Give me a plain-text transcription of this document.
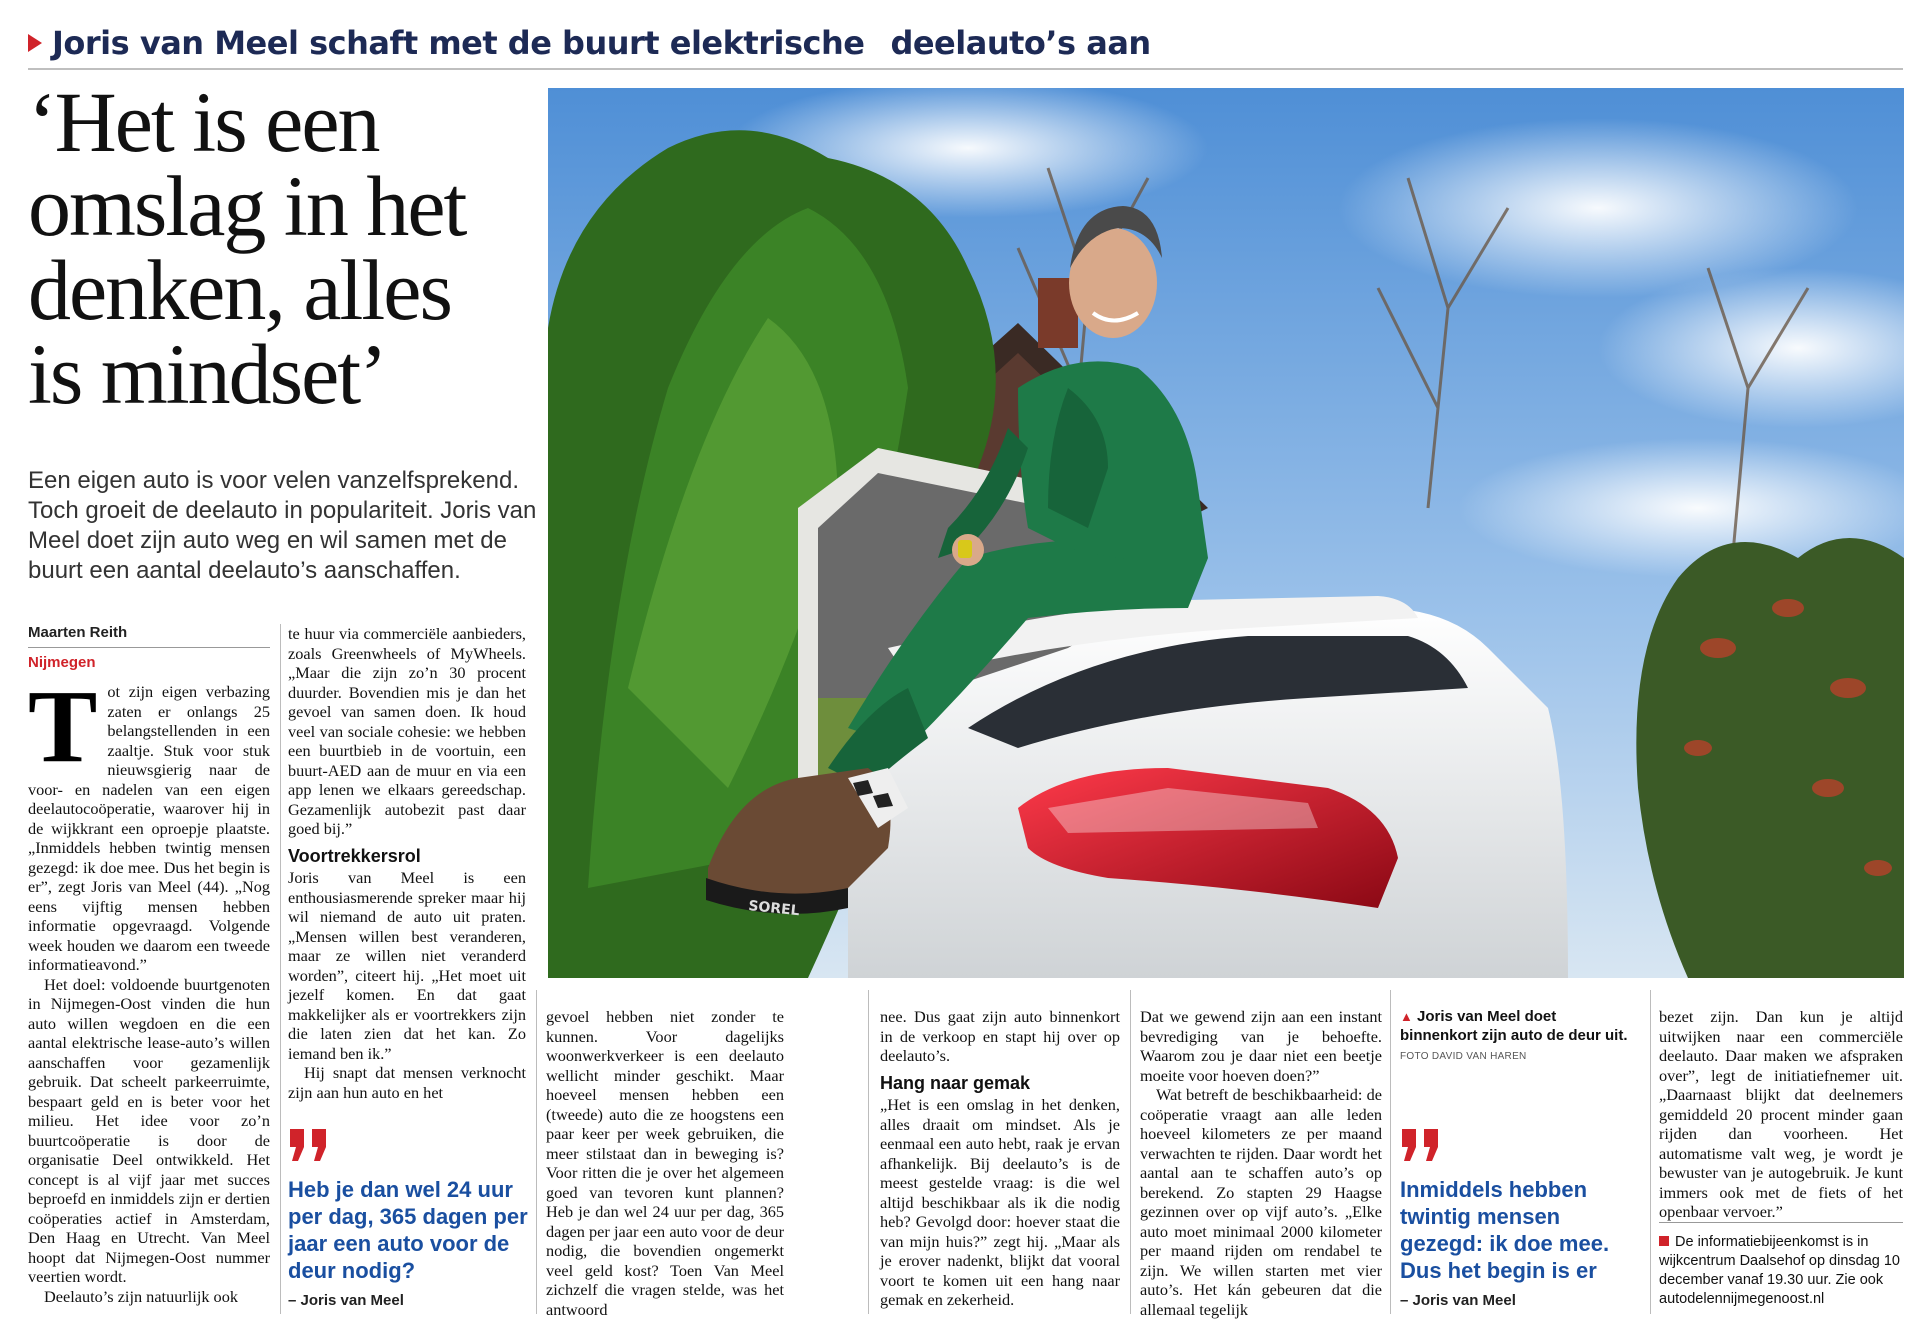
Joris van Meel schaft met de buurt elektrische deelauto’s aan
‘Het is een
omslag in het
denken, alles
is mindset’
Een eigen auto is voor velen vanzelfsprekend. Toch groeit de deelauto in populariteit. Joris van Meel doet zijn auto weg en wil samen met de buurt een aantal deelauto’s aanschaffen.
Maarten Reith
Nijmegen
T ot zijn eigen verbazing zaten er onlangs 25 belangstellenden in een zaaltje. Stuk voor stuk nieuwsgierig naar de voor- en nadelen van een eigen deelautocoöperatie, waarover hij in de wijkkrant een oproepje plaatste. „Inmiddels hebben twintig mensen gezegd: ik doe mee. Dus het begin is er”, zegt Joris van Meel (44). „Nog eens vijftig mensen hebben informatie opgevraagd. Volgende week houden we daarom een tweede informatieavond.”

Het doel: voldoende buurtgenoten in Nijmegen-Oost vinden die hun auto willen wegdoen en die een aantal elektrische lease-auto’s willen aanschaffen voor gezamenlijk gebruik. Dat scheelt parkeerruimte, bespaart geld en is beter voor het milieu. Het idee voor zo’n buurtcoöperatie is door de organisatie Deel ontwikkeld. Het concept is al vijf jaar met succes beproefd en inmiddels zijn er dertien coöperaties actief in Amsterdam, Den Haag en Utrecht. Van Meel hoopt dat Nijmegen-Oost nummer veertien wordt.

Deelauto’s zijn natuurlijk ook

te huur via commerciële aanbieders, zoals Greenwheels of MyWheels. „Maar die zijn zo’n 30 procent duurder. Bovendien mis je dan het gevoel van samen doen. Ik houd veel van sociale cohesie: we hebben een buurtbieb in de voortuin, een buurt-AED aan de muur en via een app lenen we elkaars gereedschap. Gezamenlijk autobezit past daar goed bij.”

Voortrekkersrol

Joris van Meel is een enthousiasmerende spreker maar hij wil niemand de auto uit praten. „Mensen willen best veranderen, maar ze willen niet veranderd worden”, citeert hij. „Het moet uit jezelf komen. En dat gaat makkelijker als er voortrekkers zijn die laten zien dat het kan. Zo iemand ben ik.”

Hij snapt dat mensen verknocht zijn aan hun auto en het

Heb je dan wel 24 uur per dag, 365 dagen per jaar een auto voor de deur nodig?
– Joris van Meel
SOREL

gevoel hebben niet zonder te kunnen. Voor dagelijks woonwerkverkeer is een deelauto wellicht minder geschikt. Maar hoeveel mensen hebben een (tweede) auto die ze hoogstens een paar keer per week gebruiken, die meer stilstaat dan in beweging is? Voor ritten die je over het algemeen goed van tevoren kunt plannen? Heb je dan wel 24 uur per dag, 365 dagen per jaar een auto voor de deur nodig, die bovendien ongemerkt veel geld kost? Toen Van Meel zichzelf die vragen stelde, was het antwoord

nee. Dus gaat zijn auto binnenkort in de verkoop en stapt hij over op deelauto’s.

Hang naar gemak

„Het is een omslag in het denken, alles draait om mindset. Als je eenmaal een auto hebt, raak je ervan afhankelijk. Bij deelauto’s is de meest gestelde vraag: is die wel altijd beschikbaar als ik die nodig heb? Gevolgd door: hoever staat die van mijn huis?” zegt hij. „Maar als je erover nadenkt, blijkt dat vooral voort te komen uit een hang naar gemak en zekerheid.

Dat we gewend zijn aan een instant bevrediging van je behoefte. Waarom zou je daar niet een beetje moeite voor hoeven doen?”

Wat betreft de beschikbaarheid: de coöperatie vraagt aan alle leden hoeveel kilometers ze per maand verwachten te rijden. Daar wordt het aantal aan te schaffen auto’s op berekend. Zo stapten 29 Haagse gezinnen over op vijf auto’s. „Elke auto moet minimaal 2000 kilometer per maand rijden om rendabel te zijn. We willen starten met vier auto’s. Het kán gebeuren dat die allemaal tegelijk

▲ Joris van Meel doet binnenkort zijn auto de deur uit.
FOTO DAVID VAN HAREN
Inmiddels hebben twintig mensen gezegd: ik doe mee. Dus het begin is er
– Joris van Meel

bezet zijn. Dan kun je altijd uitwijken naar een commerciële deelauto. Daar maken we afspraken over”, legt de initiatiefnemer uit. „Daarnaast blijkt dat deelnemers gemiddeld 20 procent minder gaan rijden dan voorheen. Het automatisme valt weg, je wordt je bewuster van je autogebruik. Je kunt immers ook met de fiets of het openbaar vervoer.”

De informatiebijeenkomst is in wijkcentrum Daalsehof op dinsdag 10 december vanaf 19.30 uur. Zie ook autodelennijmegenoost.nl
